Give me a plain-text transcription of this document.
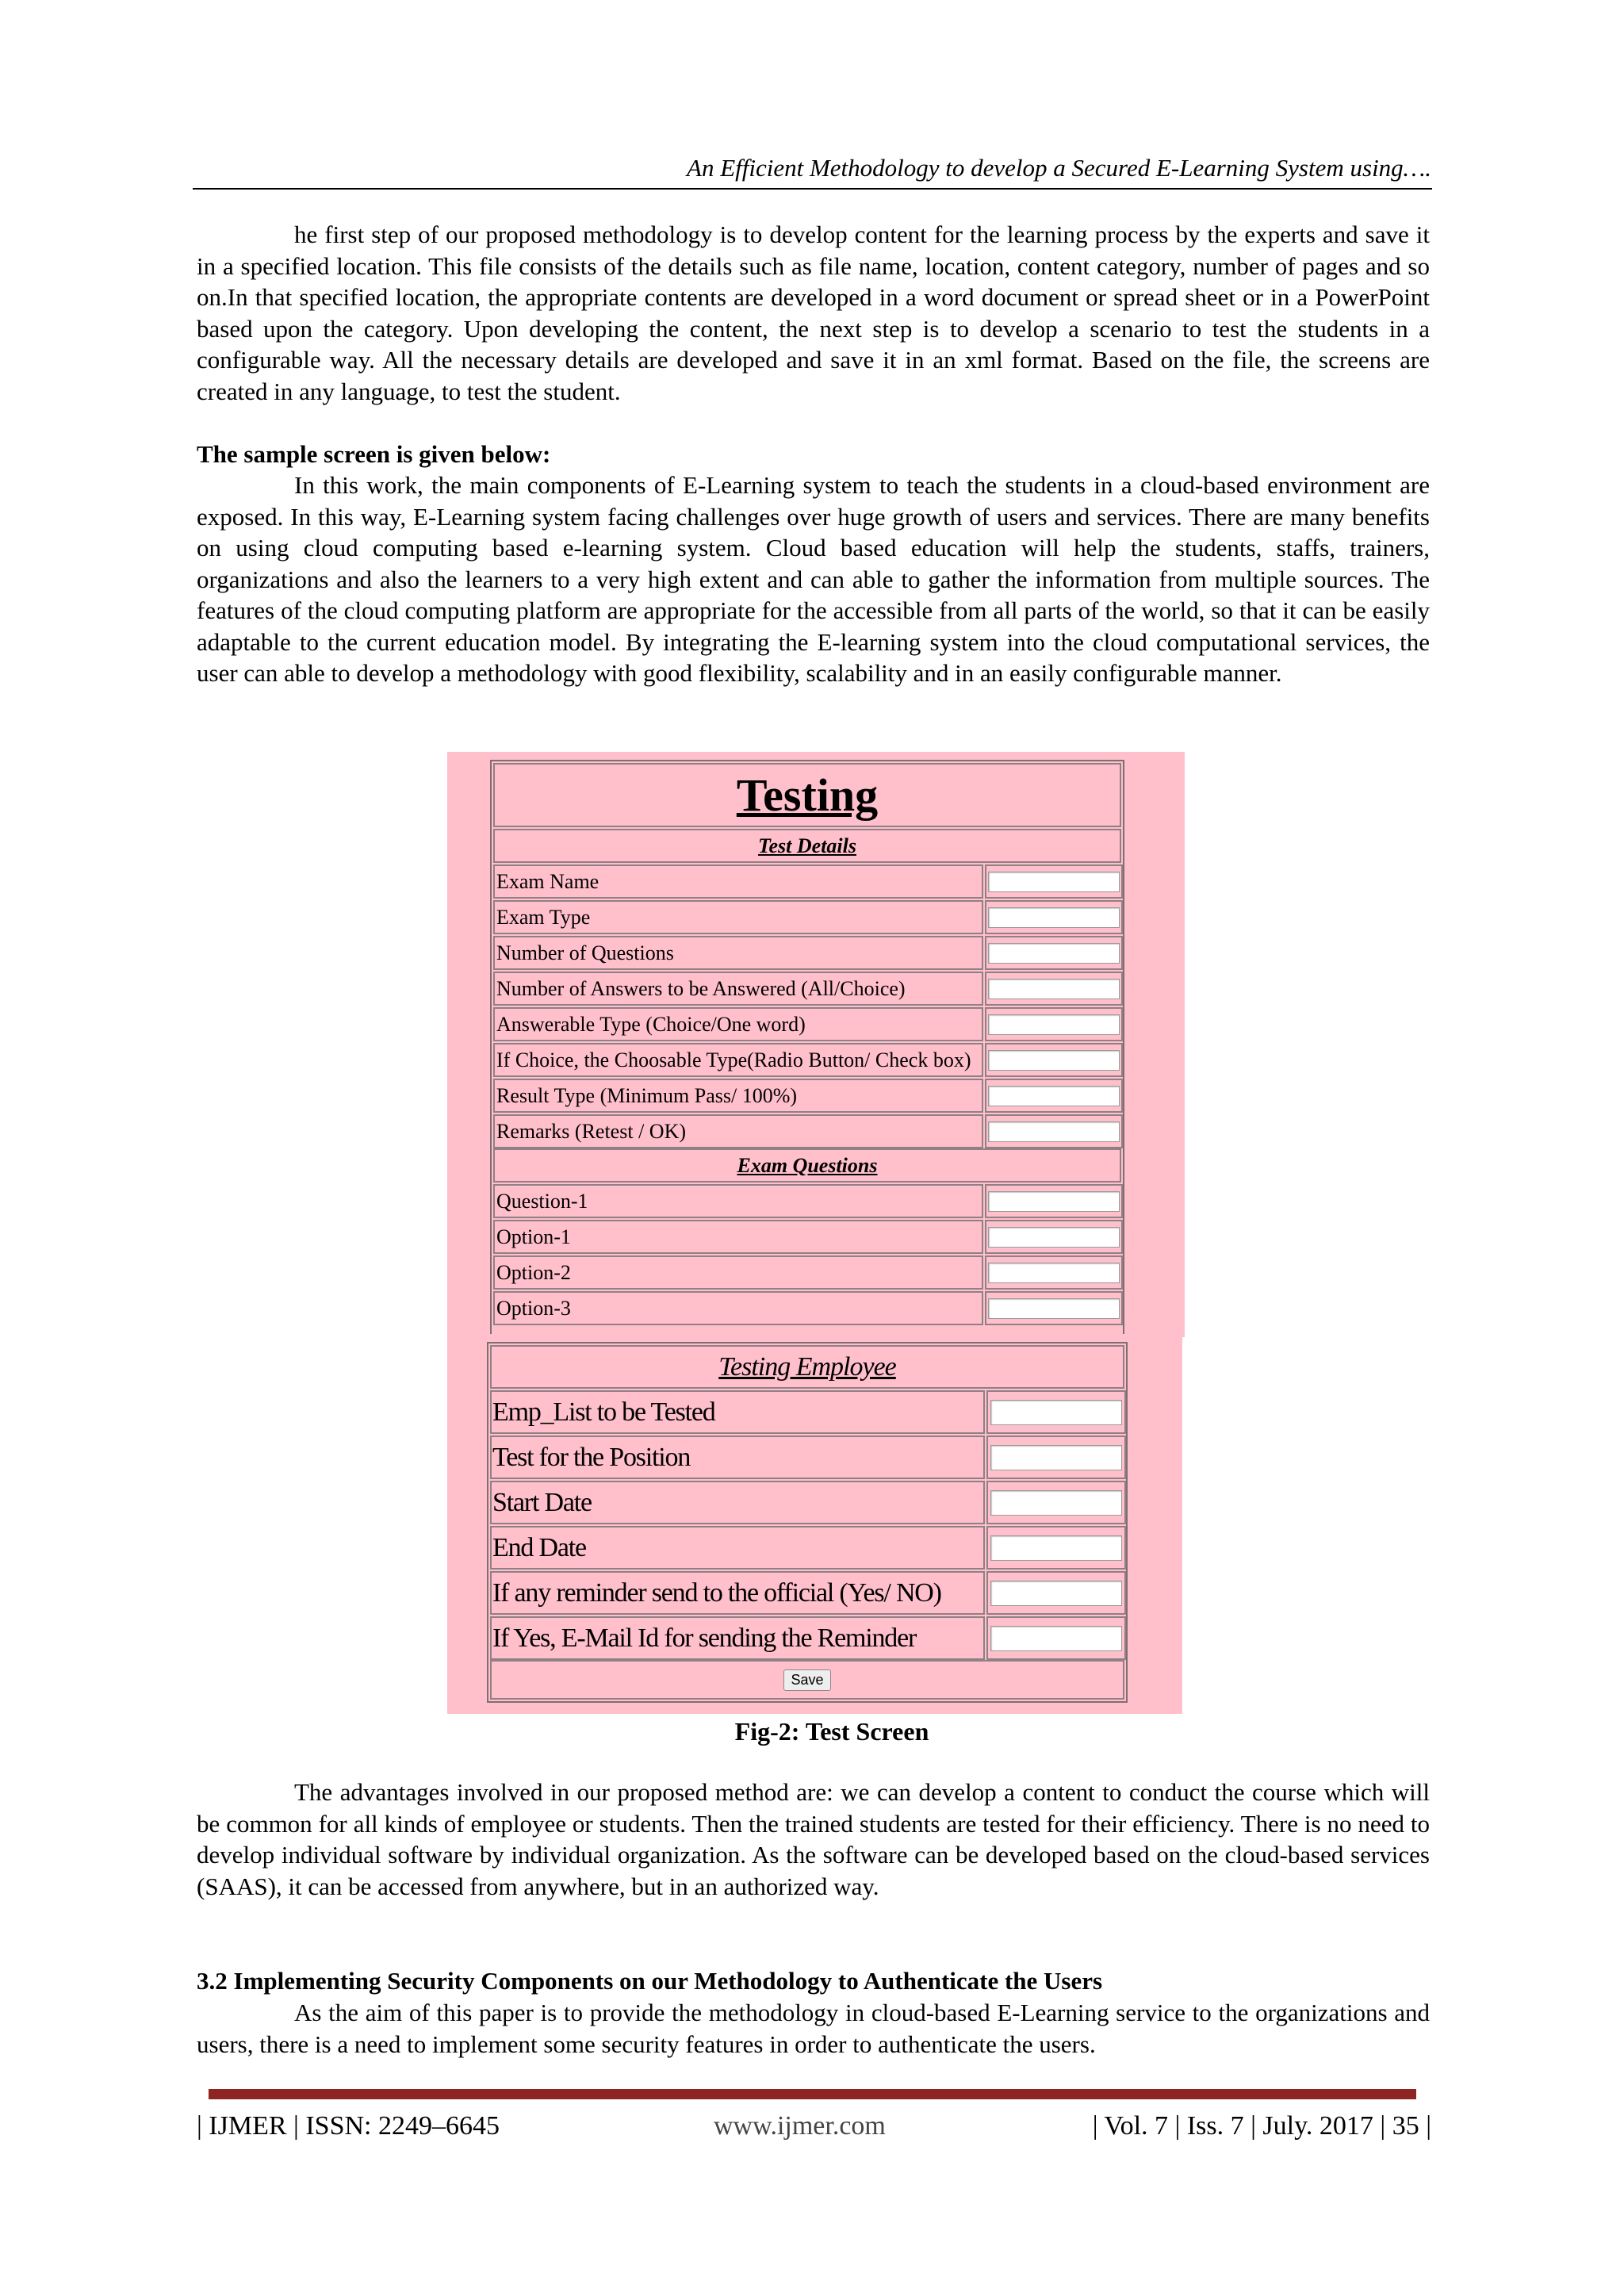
An Efficient Methodology to develop a Secured E-Learning System using….

he first step of our proposed methodology is to develop content for the learning process by the experts and save it in a specified location. This file consists of the details such as file name, location, content category, number of pages and so on.In that specified location, the appropriate contents are developed in a word document or spread sheet or in a PowerPoint based upon the category. Upon developing the content, the next step is to develop a scenario to test the students in a configurable way. All the necessary details are developed and save it in an xml format. Based on the file, the screens are created in any language, to test the student.

The sample screen is given below:

In this work, the main components of E-Learning system to teach the students in a cloud-based environment are exposed. In this way, E-Learning system facing challenges over huge growth of users and services. There are many benefits on using cloud computing based e-learning system. Cloud based education will help the students, staffs, trainers, organizations and also the learners to a very high extent and can able to gather the information from multiple sources. The features of the cloud computing platform are appropriate for the accessible from all parts of the world, so that it can be easily adaptable to the current education model. By integrating the E-learning system into the cloud computational services, the user can able to develop a methodology with good flexibility, scalability and in an easily configurable manner.

Testing
Test Details
Exam Name
Exam Type
Number of Questions
Number of Answers to be Answered (All/Choice)
Answerable Type (Choice/One word)
If Choice, the Choosable Type(Radio Button/ Check box)
Result Type (Minimum Pass/ 100%)
Remarks (Retest / OK)
Exam Questions
Question-1
Option-1
Option-2
Option-3
Testing Employee
Emp_List to be Tested
Test for the Position
Start Date
End Date
If any reminder send to the official (Yes/ NO)
If Yes, E-Mail Id for sending the Reminder
Save
Fig-2: Test Screen

The advantages involved in our proposed method are: we can develop a content to conduct the course which will be common for all kinds of employee or students. Then the trained students are tested for their efficiency. There is no need to develop individual software by individual organization. As the software can be developed based on the cloud-based services (SAAS), it can be accessed from anywhere, but in an authorized way.

3.2 Implementing Security Components on our Methodology to Authenticate the Users

As the aim of this paper is to provide the methodology in cloud-based E-Learning service to the organizations and users, there is a need to implement some security features in order to authenticate the users.

| IJMER | ISSN: 2249–6645	www.ijmer.com	| Vol. 7 | Iss. 7 | July. 2017 | 35 |
